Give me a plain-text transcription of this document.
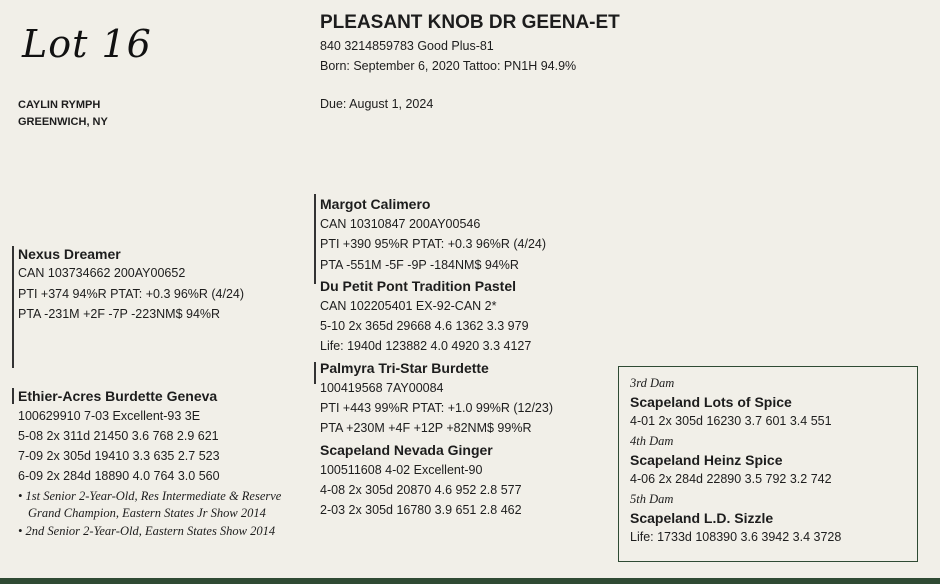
Lot 16
CAYLIN RYMPH
GREENWICH, NY
PLEASANT KNOB DR GEENA-ET
840 3214859783 Good Plus-81
Born: September 6, 2020 Tattoo: PN1H 94.9%
Due: August 1, 2024
Nexus Dreamer
CAN 103734662 200AY00652
PTI +374 94%R PTAT: +0.3 96%R (4/24)
PTA -231M +2F -7P -223NM$ 94%R
Margot Calimero
CAN 10310847 200AY00546
PTI +390 95%R PTAT: +0.3 96%R (4/24)
PTA -551M -5F -9P -184NM$ 94%R
Du Petit Pont Tradition Pastel
CAN 102205401 EX-92-CAN 2*
5-10 2x 365d 29668 4.6 1362 3.3 979
Life: 1940d 123882 4.0 4920 3.3 4127
Palmyra Tri-Star Burdette
100419568 7AY00084
PTI +443 99%R PTAT: +1.0 99%R (12/23)
PTA +230M +4F +12P +82NM$ 99%R
Scapeland Nevada Ginger
100511608 4-02 Excellent-90
4-08 2x 305d 20870 4.6 952 2.8 577
2-03 2x 305d 16780 3.9 651 2.8 462
Ethier-Acres Burdette Geneva
100629910 7-03 Excellent-93 3E
5-08 2x 311d 21450 3.6 768 2.9 621
7-09 2x 305d 19410 3.3 635 2.7 523
6-09 2x 284d 18890 4.0 764 3.0 560
• 1st Senior 2-Year-Old, Res Intermediate & Reserve
Grand Champion, Eastern States Jr Show 2014
• 2nd Senior 2-Year-Old, Eastern States Show 2014
3rd Dam
Scapeland Lots of Spice
4-01 2x 305d 16230 3.7 601 3.4 551
4th Dam
Scapeland Heinz Spice
4-06 2x 284d 22890 3.5 792 3.2 742
5th Dam
Scapeland L.D. Sizzle
Life: 1733d 108390 3.6 3942 3.4 3728
